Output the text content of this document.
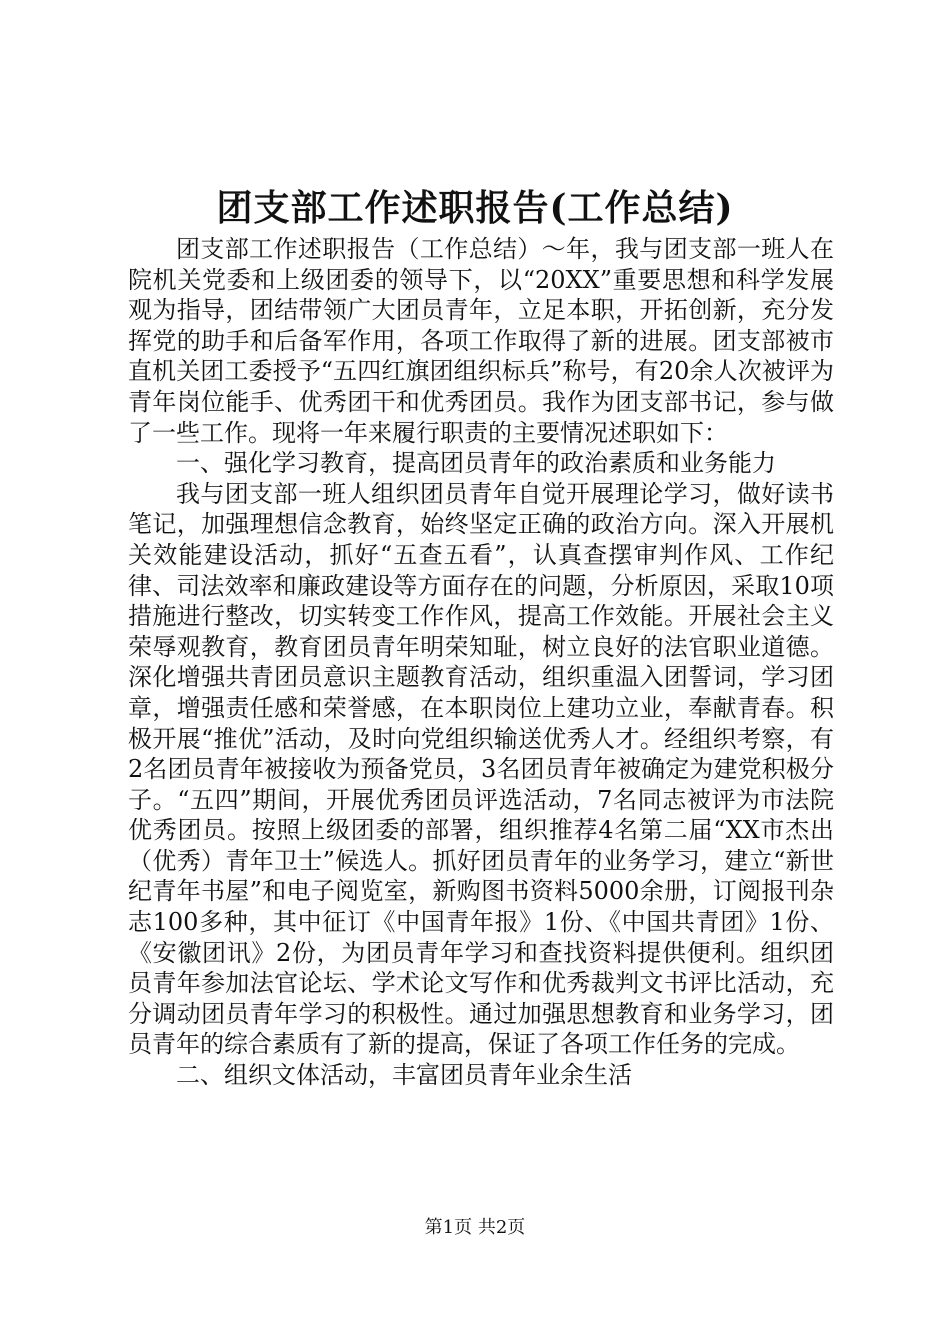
团支部工作述职报告(工作总结)

团支部工作述职报告（工作总结）～年，我与团支部一班人在院机关党委和上级团委的领导下，以“20XX”重要思想和科学发展观为指导，团结带领广大团员青年，立足本职，开拓创新，充分发挥党的助手和后备军作用，各项工作取得了新的进展。团支部被市直机关团工委授予“五四红旗团组织标兵”称号，有20余人次被评为青年岗位能手、优秀团干和优秀团员。我作为团支部书记，参与做了一些工作。现将一年来履行职责的主要情况述职如下：

一、强化学习教育，提高团员青年的政治素质和业务能力

我与团支部一班人组织团员青年自觉开展理论学习，做好读书笔记，加强理想信念教育，始终坚定正确的政治方向。深入开展机关效能建设活动，抓好“五查五看”，认真查摆审判作风、工作纪律、司法效率和廉政建设等方面存在的问题，分析原因，采取10项措施进行整改，切实转变工作作风，提高工作效能。开展社会主义荣辱观教育，教育团员青年明荣知耻，树立良好的法官职业道德。深化增强共青团员意识主题教育活动，组织重温入团誓词，学习团章，增强责任感和荣誉感，在本职岗位上建功立业，奉献青春。积极开展“推优”活动，及时向党组织输送优秀人才。经组织考察，有2名团员青年被接收为预备党员，3名团员青年被确定为建党积极分子。“五四”期间，开展优秀团员评选活动，7名同志被评为市法院优秀团员。按照上级团委的部署，组织推荐4名第二届“XX市杰出（优秀）青年卫士”候选人。抓好团员青年的业务学习，建立“新世纪青年书屋”和电子阅览室，新购图书资料5000余册，订阅报刊杂志100多种，其中征订《中国青年报》1份、《中国共青团》1份、《安徽团讯》2份，为团员青年学习和查找资料提供便利。组织团员青年参加法官论坛、学术论文写作和优秀裁判文书评比活动，充分调动团员青年学习的积极性。通过加强思想教育和业务学习，团员青年的综合素质有了新的提高，保证了各项工作任务的完成。

二、组织文体活动，丰富团员青年业余生活

第1页 共2页
